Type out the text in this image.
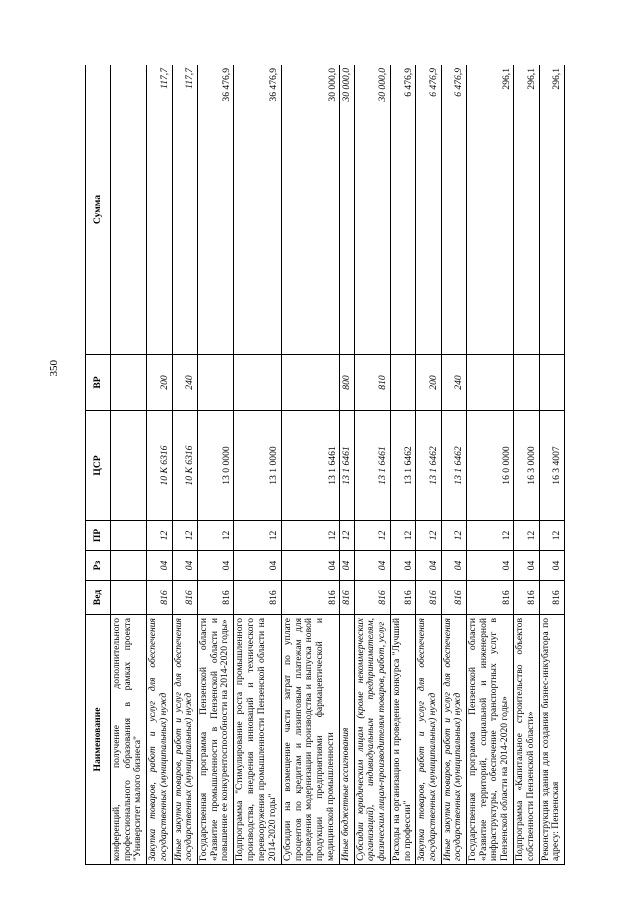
350
Наименование	Вед	Рз	ПР	ЦСР	ВР	Сумма
конференций, получение дополнительного профессионального образования в рамках проекта "Университет малого бизнеса"						
Закупка товаров, работ и услуг для обеспечения государственных (муниципальных) нужд	816	04	12	10 К 6316	200	117,7
Иные закупки товаров, работ и услуг для обеспечения государственных (муниципальных) нужд	816	04	12	10 К 6316	240	117,7
Государственная программа Пензенской области «Развитие промышленности в Пензенской области и повышение ее конкурентоспособности на 2014-2020 годы»	816	04	12	13 0 0000		36 476,9
Подпрограмма "Стимулирование роста промышленного производства, внедрения инноваций и технического перевооружения промышленности Пензенской области на 2014-2020 годы"	816	04	12	13 1 0000		36 476,9
Субсидии на возмещение части затрат по уплате процентов по кредитам и лизинговым платежам для проведения модернизации производства и выпуска новой продукции предприятиями фармацевтической и медицинской промышленности	816	04	12	13 1 6461		30 000,0
Иные бюджетные ассигнования	816	04	12	13 1 6461	800	30 000,0
Субсидии юридическим лицам (кроме некоммерческих организаций), индивидуальным предпринимателям, физическим лицам-производителям товаров, работ, услуг	816	04	12	13 1 6461	810	30 000,0
Расходы на организацию и проведение конкурса "Лучший по профессии"	816	04	12	13 1 6462		6 476,9
Закупка товаров, работ и услуг для обеспечения государственных (муниципальных) нужд	816	04	12	13 1 6462	200	6 476,9
Иные закупки товаров, работ и услуг для обеспечения государственных (муниципальных) нужд	816	04	12	13 1 6462	240	6 476,9
Государственная программа Пензенской области «Развитие территорий, социальной и инженерной инфраструктуры, обеспечение транспортных услуг в Пензенской области на 2014-2020 годы»	816	04	12	16 0 0000		296,1
Подпрограмма «Капитальное строительство объектов собственности Пензенской области»	816	04	12	16 3 0000		296,1
Реконструкция здания для создания бизнес-инкубатора по адресу: Пензенская	816	04	12	16 3 4007		296,1
